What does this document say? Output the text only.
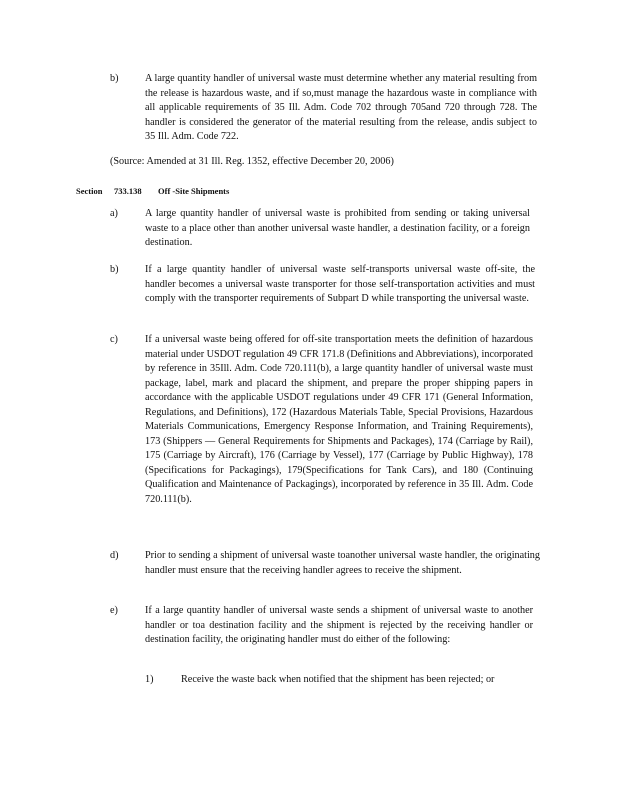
b)	A large quantity handler of universal waste must determine whether any material resulting from the release is hazardous waste, and if so,must manage the hazardous waste in compliance with all applicable requirements of 35 Ill. Adm. Code 702 through 705and 720 through 728. The handler is considered the generator of the material resulting from the release, andis subject to 35 Ill. Adm. Code 722.
(Source: Amended at 31 Ill. Reg. 1352, effective December 20, 2006)
Section 733.138 Off -Site Shipments
a)	A large quantity handler of universal waste is prohibited from sending or taking universal waste to a place other than another universal waste handler, a destination facility, or a foreign destination.
b)	If a large quantity handler of universal waste self-transports universal waste off-site, the handler becomes a universal waste transporter for those self-transportation activities and must comply with the transporter requirements of Subpart D while transporting the universal waste.
c)	If a universal waste being offered for off-site transportation meets the definition of hazardous material under USDOT regulation 49 CFR 171.8 (Definitions and Abbreviations), incorporated by reference in 35Ill. Adm. Code 720.111(b), a large quantity handler of universal waste must package, label, mark and placard the shipment, and prepare the proper shipping papers in accordance with the applicable USDOT regulations under 49 CFR 171 (General Information, Regulations, and Definitions), 172 (Hazardous Materials Table, Special Provisions, Hazardous Materials Communications, Emergency Response Information, and Training Requirements), 173 (Shippers — General Requirements for Shipments and Packages), 174 (Carriage by Rail), 175 (Carriage by Aircraft), 176 (Carriage by Vessel), 177 (Carriage by Public Highway), 178 (Specifications for Packagings), 179(Specifications for Tank Cars), and 180 (Continuing Qualification and Maintenance of Packagings), incorporated by reference in 35 Ill. Adm. Code 720.111(b).
d)	Prior to sending a shipment of universal waste toanother universal waste handler, the originating handler must ensure that the receiving handler agrees to receive the shipment.
e)	If a large quantity handler of universal waste sends a shipment of universal waste to another handler or toa destination facility and the shipment is rejected by the receiving handler or destination facility, the originating handler must do either of the following:
1)	Receive the waste back when notified that the shipment has been rejected; or
